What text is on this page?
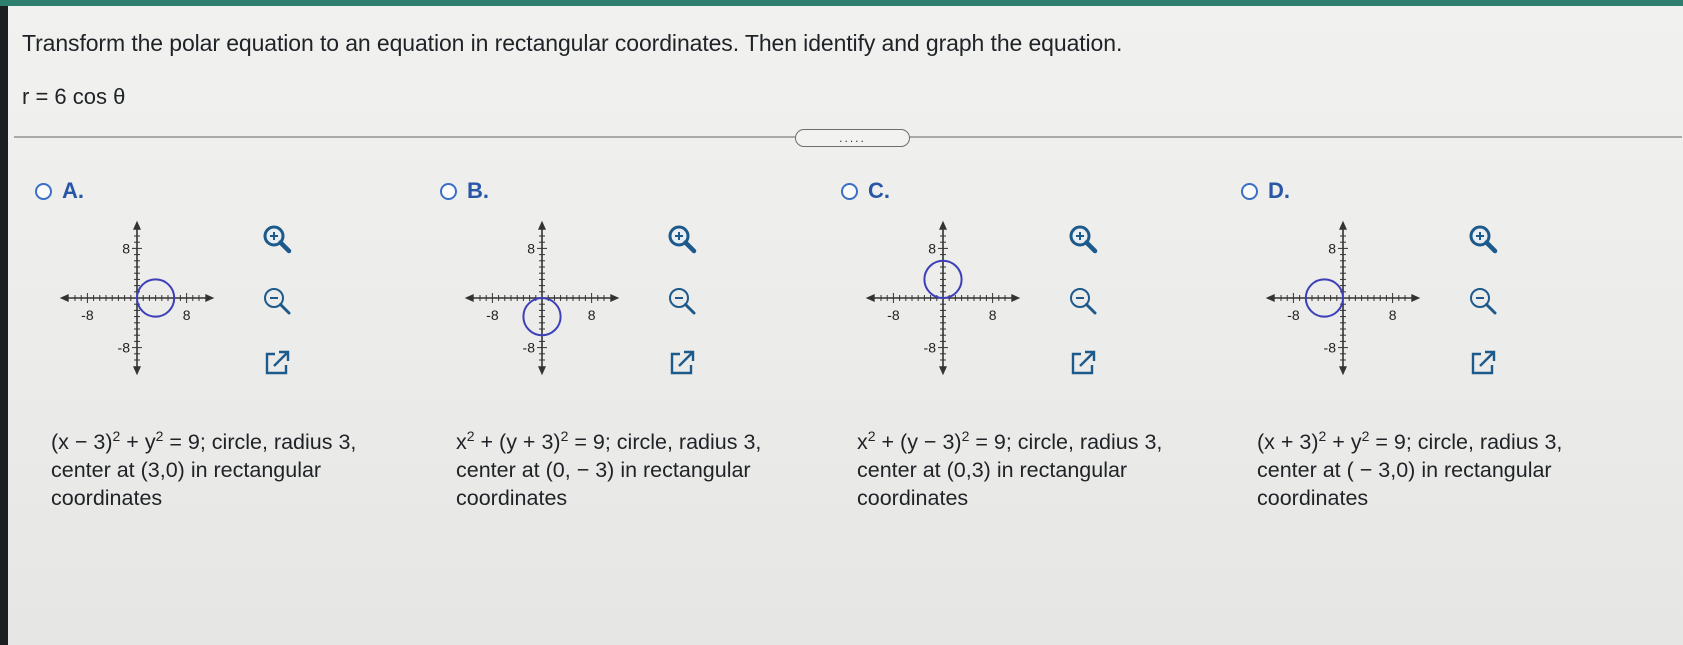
Transform the polar equation to an equation in rectangular coordinates. Then identify and graph the equation.

r = 6 cos θ

.....
A.
-8	8
8
-8

$(x - 3)^2 + y^2 = 9$; circle, radius 3,
center at (3,0) in rectangular
coordinates

B.
-8	8
8
-8

$x^2 + (y + 3)^2 = 9$; circle, radius 3,
center at (0, − 3) in rectangular
coordinates

C.
-8	8
8
-8

$x^2 + (y - 3)^2 = 9$; circle, radius 3,
center at (0,3) in rectangular
coordinates

D.
-8	8
8
-8

$(x + 3)^2 + y^2 = 9$; circle, radius 3,
center at ( − 3,0) in rectangular
coordinates
